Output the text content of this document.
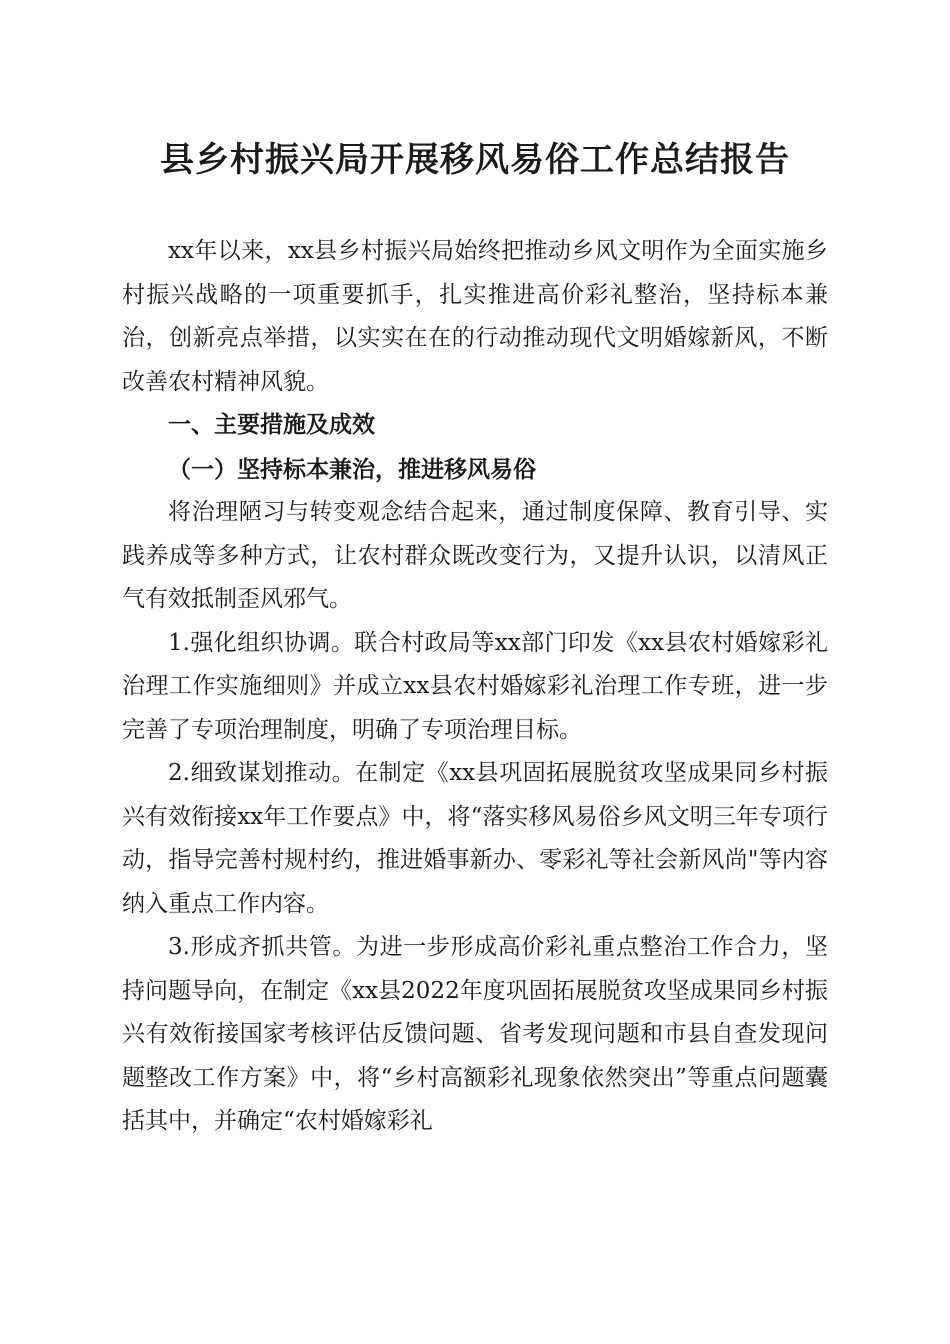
县乡村振兴局开展移风易俗工作总结报告

xx年以来，xx县乡村振兴局始终把推动乡风文明作为全面实施乡村振兴战略的一项重要抓手，扎实推进高价彩礼整治，坚持标本兼治，创新亮点举措，以实实在在的行动推动现代文明婚嫁新风，不断改善农村精神风貌。

一、主要措施及成效

（一）坚持标本兼治，推进移风易俗

将治理陋习与转变观念结合起来，通过制度保障、教育引导、实践养成等多种方式，让农村群众既改变行为，又提升认识，以清风正气有效抵制歪风邪气。

1.强化组织协调。联合村政局等xx部门印发《xx县农村婚嫁彩礼治理工作实施细则》并成立xx县农村婚嫁彩礼治理工作专班，进一步完善了专项治理制度，明确了专项治理目标。

2.细致谋划推动。在制定《xx县巩固拓展脱贫攻坚成果同乡村振兴有效衔接xx年工作要点》中，将“落实移风易俗乡风文明三年专项行动，指导完善村规村约，推进婚事新办、零彩礼等社会新风尚"等内容纳入重点工作内容。

3.形成齐抓共管。为进一步形成高价彩礼重点整治工作合力，坚持问题导向，在制定《xx县2022年度巩固拓展脱贫攻坚成果同乡村振兴有效衔接国家考核评估反馈问题、省考发现问题和市县自查发现问题整改工作方案》中，将“乡村高额彩礼现象依然突出”等重点问题囊括其中，并确定“农村婚嫁彩礼
